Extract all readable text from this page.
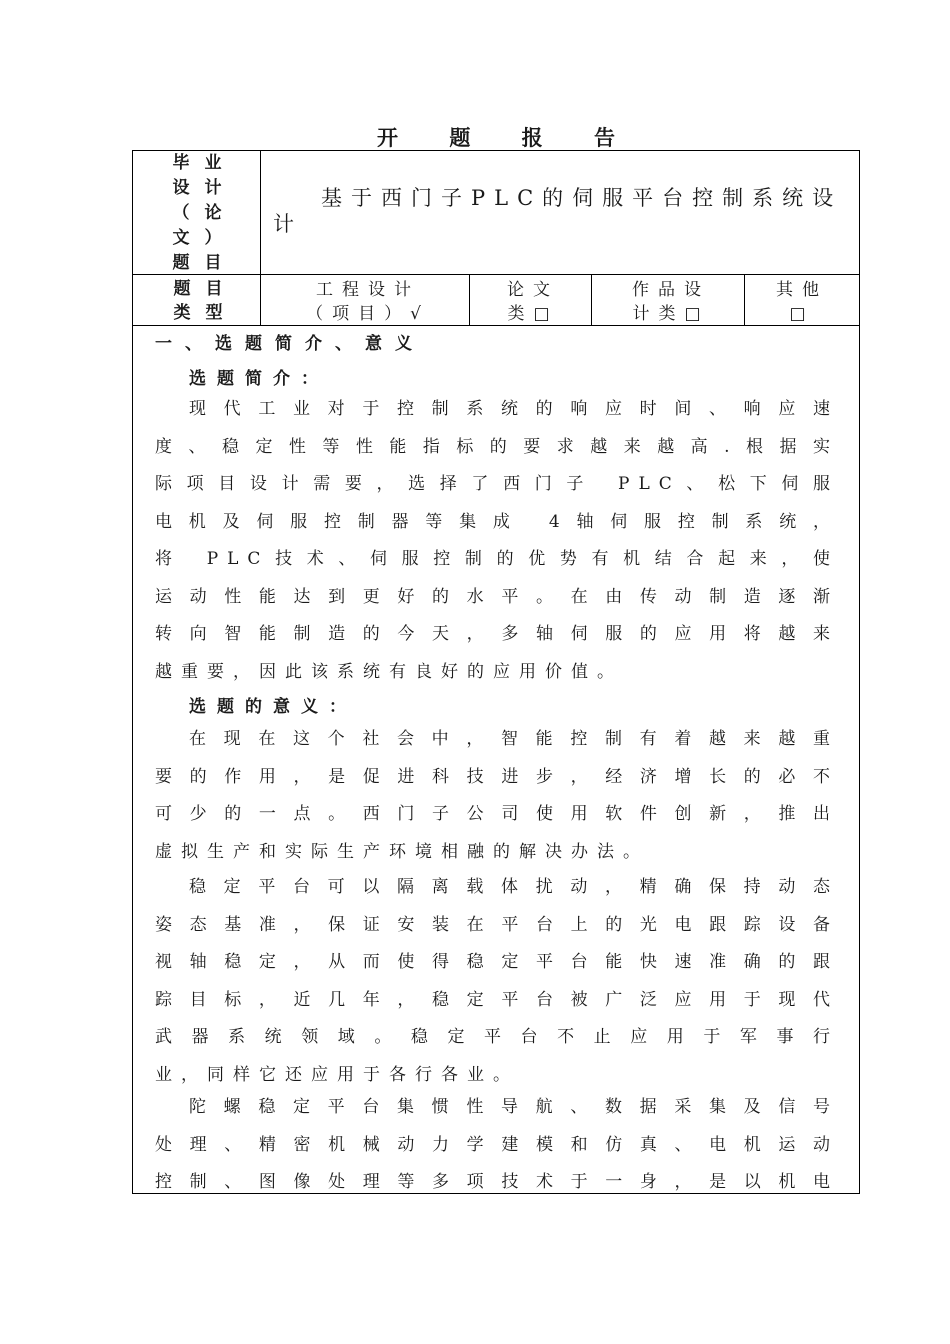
开 题 报 告
毕 业
设 计
（ 论
文 ）
题 目
基于西门子PLC的伺服平台控制系统设计
题 目
类 型
工程设计
（项目）√
论文
类□
作品设
计类□
其他
□
一、选题简介、意义
选题简介：
现代工业对于控制系统的响应时间、响应速
度、稳定性等性能指标的要求越来越高.根据实
际项目设计需要，选择了西门子 PLC、松下伺服
电机及伺服控制器等集成 4轴伺服控制系统，
将 PLC技术、伺服控制的优势有机结合起来，使
运动性能达到更好的水平。在由传动制造逐渐
转向智能制造的今天，多轴伺服的应用将越来
越重要，因此该系统有良好的应用价值。
选题的意义：
在现在这个社会中，智能控制有着越来越重
要的作用，是促进科技进步，经济增长的必不
可少的一点。西门子公司使用软件创新，推出
虚拟生产和实际生产环境相融的解决办法。
稳定平台可以隔离载体扰动，精确保持动态
姿态基准，保证安装在平台上的光电跟踪设备
视轴稳定，从而使得稳定平台能快速准确的跟
踪目标，近几年，稳定平台被广泛应用于现代
武器系统领域。稳定平台不止应用于军事行
业，同样它还应用于各行各业。
陀螺稳定平台集惯性导航、数据采集及信号
处理、精密机械动力学建模和仿真、电机运动
控制、图像处理等多项技术于一身，是以机电
